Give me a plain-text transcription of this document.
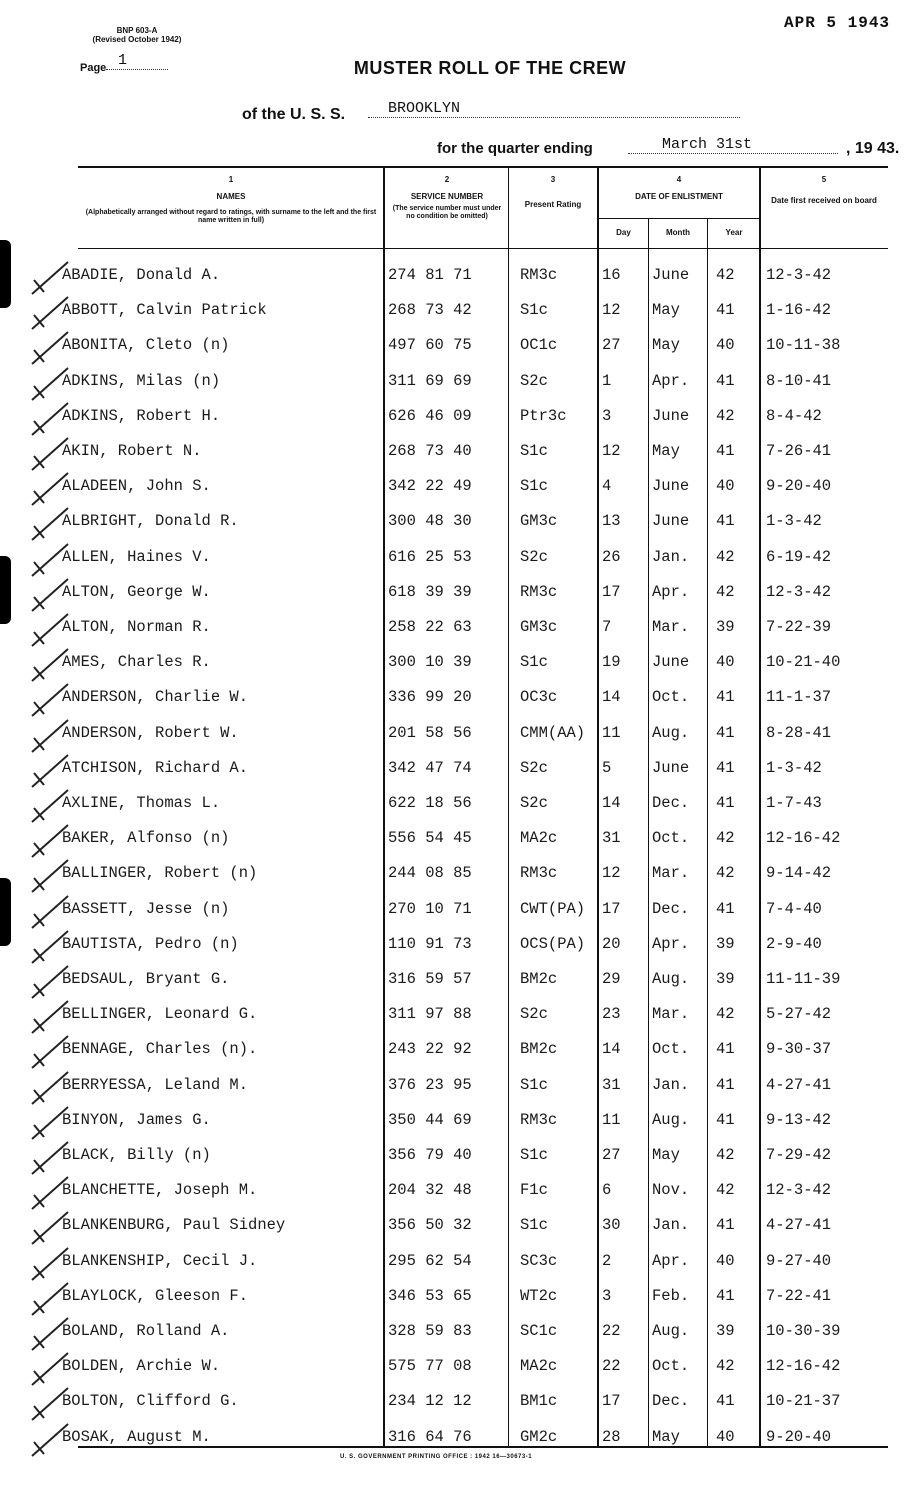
BNP 603-A
(Revised October 1942)
APR 5 1943
Page 1	MUSTER ROLL OF THE CREW
of the U. S. S.	BROOKLYN
for the quarter ending	March 31st	, 19 43.
1
NAMES
(Alphabetically arranged without regard to ratings, with surname to the left and the first name written in full)
2
SERVICE NUMBER
(The service number must under no condition be omitted)
3
Present Rating
4
DATE OF ENLISTMENT
Day	Month	Year
5
Date first received on board
ABADIE, Donald A.	274 81 71	RM3c	16 June 42 12-3-42
ABBOTT, Calvin Patrick	268 73 42	S1c	12 May 41 1-16-42
ABONITA, Cleto (n)	497 60 75	OC1c	27 May 40 10-11-38
ADKINS, Milas (n)	311 69 69	S2c	1	Apr. 41 8-10-41
ADKINS, Robert H.	626 46 09	Ptr3c 3	June 42 8-4-42
AKIN, Robert N.	268 73 40	S1c	12 May 41 7-26-41
ALADEEN, John S.	342 22 49	S1c	4	June 40 9-20-40
ALBRIGHT, Donald R.	300 48 30	GM3c	13 June 41 1-3-42
ALLEN, Haines V.	616 25 53	S2c	26 Jan. 42 6-19-42
ALTON, George W.	618 39 39	RM3c	17 Apr. 42 12-3-42
ALTON, Norman R.	258 22 63	GM3c	7	Mar. 39 7-22-39
AMES, Charles R.	300 10 39	S1c	19 June 40 10-21-40
ANDERSON, Charlie W.	336 99 20	OC3c	14 Oct. 41 11-1-37
ANDERSON, Robert W.	201 58 56	CMM(AA) 11 Aug. 41 8-28-41
ATCHISON, Richard A.	342 47 74	S2c	5	June 41 1-3-42
AXLINE, Thomas L.	622 18 56	S2c	14 Dec. 41 1-7-43
BAKER, Alfonso (n)	556 54 45	MA2c	31 Oct. 42 12-16-42
BALLINGER, Robert (n)	244 08 85	RM3c	12 Mar. 42 9-14-42
BASSETT, Jesse (n)	270 10 71	CWT(PA) 17 Dec. 41 7-4-40
BAUTISTA, Pedro (n)	110 91 73	OCS(PA) 20 Apr. 39 2-9-40
BEDSAUL, Bryant G.	316 59 57	BM2c	29 Aug. 39 11-11-39
BELLINGER, Leonard G.	311 97 88	S2c	23 Mar. 42 5-27-42
BENNAGE, Charles (n).	243 22 92	BM2c	14 Oct. 41 9-30-37
BERRYESSA, Leland M.	376 23 95	S1c	31 Jan. 41 4-27-41
BINYON, James G.	350 44 69	RM3c	11 Aug. 41 9-13-42
BLACK, Billy (n)	356 79 40	S1c	27 May 42 7-29-42
BLANCHETTE, Joseph M.	204 32 48	F1c	6	Nov. 42 12-3-42
BLANKENBURG, Paul Sidney	356 50 32	S1c	30 Jan. 41 4-27-41
BLANKENSHIP, Cecil J.	295 62 54	SC3c	2	Apr. 40 9-27-40
BLAYLOCK, Gleeson F.	346 53 65	WT2c	3	Feb. 41 7-22-41
BOLAND, Rolland A.	328 59 83	SC1c	22 Aug. 39 10-30-39
BOLDEN, Archie W.	575 77 08	MA2c	22 Oct. 42 12-16-42
BOLTON, Clifford G.	234 12 12	BM1c	17 Dec. 41 10-21-37
BOSAK, August M.	316 64 76	GM2c	28 May 40 9-20-40
U. S. GOVERNMENT PRINTING OFFICE : 1942 16—30673-1
